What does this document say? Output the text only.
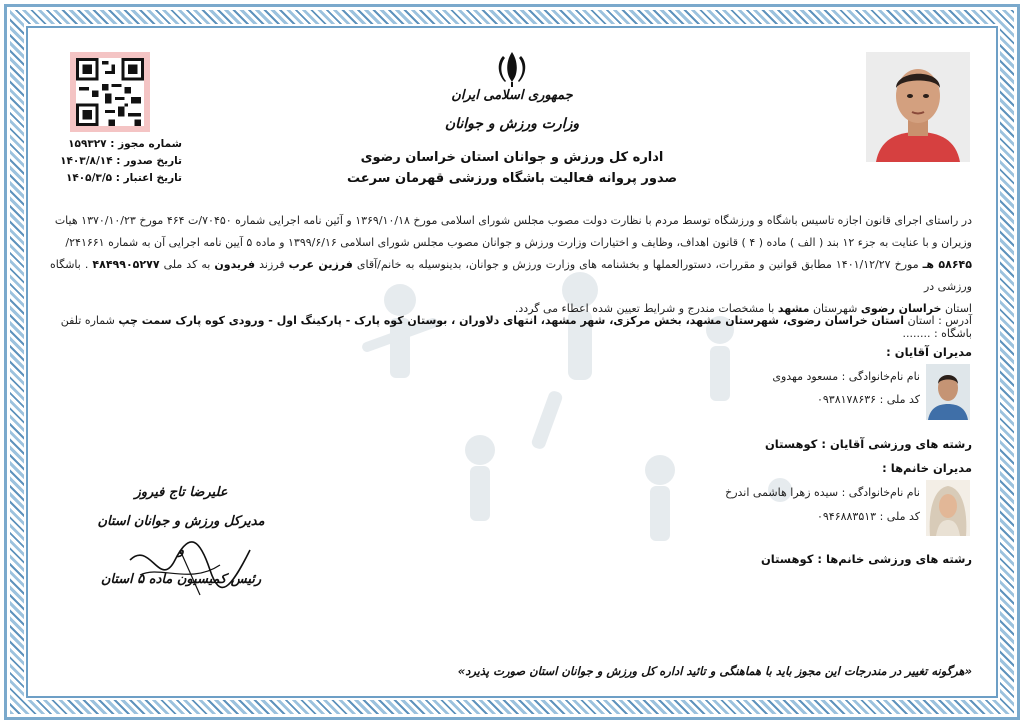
شماره مجوز : ۱۵۹۳۲۷
تاریخ صدور : ۱۴۰۳/۸/۱۴
تاریخ اعتبار : ۱۴۰۵/۳/۵
جمهوری اسلامی ایران
وزارت ورزش و جوانان
اداره کل ورزش و جوانان استان خراسان رضوی
صدور پروانه فعالیت باشگاه ورزشی قهرمان سرعت
در راستای اجرای قانون اجازه تاسیس باشگاه و ورزشگاه توسط مردم با نظارت دولت مصوب مجلس شورای اسلامی مورخ ۱۳۶۹/۱۰/۱۸ و آئین نامه اجرایی شماره ۷۰۴۵۰/ت ۴۶۴ مورخ ۱۳۷۰/۱۰/۲۳ هیات
وزیران و با عنایت به جزء ۱۲ بند ( الف ) ماده ( ۴ ) قانون اهداف، وظایف و اختیارات وزارت ورزش و جوانان مصوب مجلس شورای اسلامی ۱۳۹۹/۶/۱۶ و ماده ۵ آیین نامه اجرایی آن به شماره ۲۴۱۶۶۱/
۵۸۶۴۵ هـ مورخ ۱۴۰۱/۱۲/۲۷ مطابق قوانین و مقررات، دستورالعملها و بخشنامه های وزارت ورزش و جوانان، بدینوسیله به خانم/آقای فرزین عرب فرزند فریدون به کد ملی ۴۸۴۹۹۰۵۲۷۷ . باشگاه ورزشی در
استان خراسان رضوی شهرستان مشهد با مشخصات مندرج و شرایط تعیین شده اعطاء می گردد.
آدرس : استان استان خراسان رضوی، شهرستان مشهد، بخش مرکزی، شهر مشهد، انتهای دلاوران ، بوستان کوه پارک - پارکینگ اول - ورودی کوه پارک سمت چپ شماره تلفن باشگاه : ........
مدیران آقایان :
نام نام‌خانوادگی : مسعود مهدوی
کد ملی : ۰۹۳۸۱۷۸۶۳۶
رشته های ورزشی آقایان : کوهستان
مدیران خانم‌ها :
نام نام‌خانوادگی : سیده زهرا هاشمی اندرخ
کد ملی : ۰۹۴۶۸۸۳۵۱۳
رشته های ورزشی خانم‌ها : کوهستان
علیرضا تاج فیروز
مدیرکل ورزش و جوانان استان و
رئیس کمیسیون ماده ۵ استان
«هرگونه تغییر در مندرجات این مجوز باید با هماهنگی و تائید اداره کل ورزش و جوانان استان صورت پذیرد»
